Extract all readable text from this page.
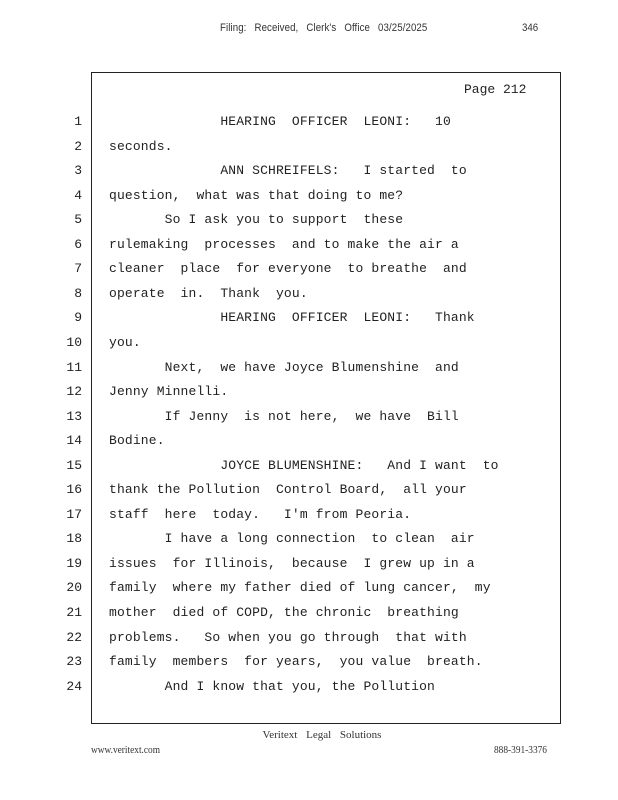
Filing: Received, Clerk's Office 03/25/2025	346
Page 212
1 HEARING  OFFICER  LEONI:   10
2 seconds.
3 ANN SCHREIFELS:   I started  to
4 question,  what was that doing to me?
5 So I ask you to support  these
6 rulemaking  processes  and to make the air a
7 cleaner  place  for everyone  to breathe  and
8 operate  in.  Thank  you.
9 HEARING  OFFICER  LEONI:   Thank
10 you.
11 Next,  we have Joyce Blumenshine  and
12 Jenny Minnelli.
13 If Jenny  is not here,  we have  Bill
14 Bodine.
15 JOYCE BLUMENSHINE:   And I want  to
16 thank the Pollution  Control Board,  all your
17 staff  here  today.   I'm from Peoria.
18 I have a long connection  to clean  air
19 issues  for Illinois,  because  I grew up in a
20 family  where my father died of lung cancer,  my
21 mother  died of COPD, the chronic  breathing
22 problems.   So when you go through  that with
23 family  members  for years,  you value  breath.
24 And I know that you, the Pollution
Veritext Legal Solutions
www.veritext.com	888-391-3376
